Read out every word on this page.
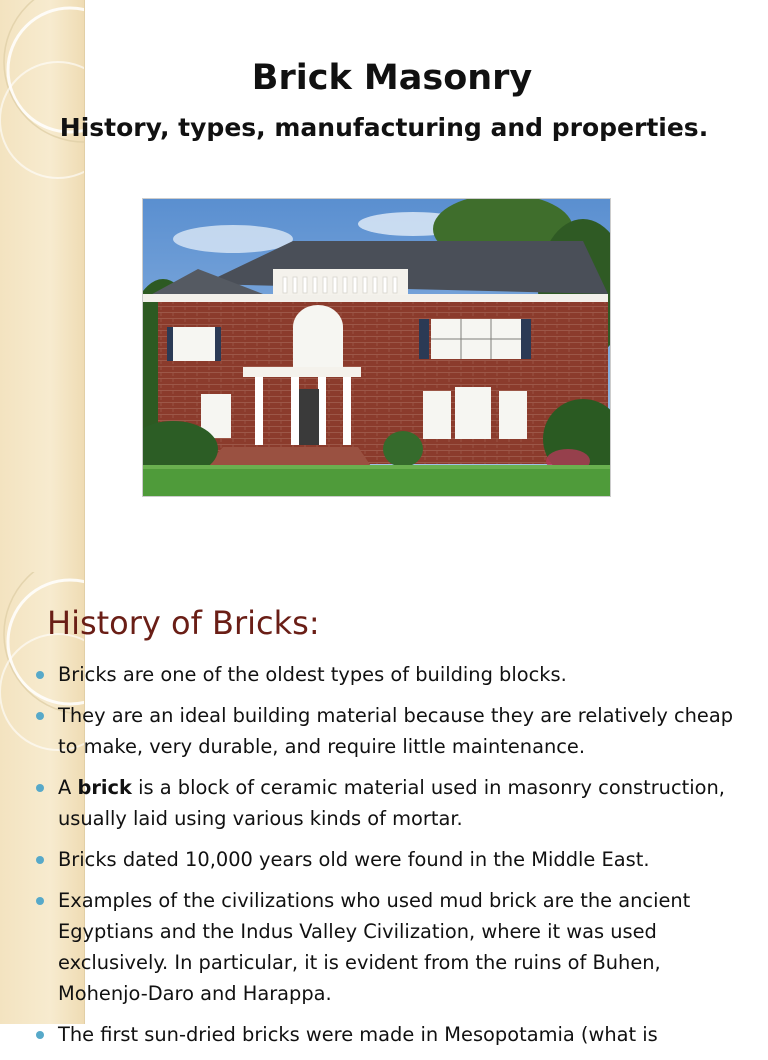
Brick Masonry
History, types, manufacturing and properties.
History of Bricks:
Bricks are one of the oldest types of building blocks.
They are an ideal building material because they are relatively cheap to make, very durable, and require little maintenance.
A brick is a block of ceramic material used in masonry construction, usually laid using various kinds of mortar.
Bricks dated 10,000 years old were found in the Middle East.
Examples of the civilizations who used mud brick are the ancient Egyptians and the Indus Valley Civilization, where it was used exclusively. In particular, it is evident from the ruins of Buhen, Mohenjo-Daro and Harappa.
The first sun-dried bricks were made in Mesopotamia (what is
